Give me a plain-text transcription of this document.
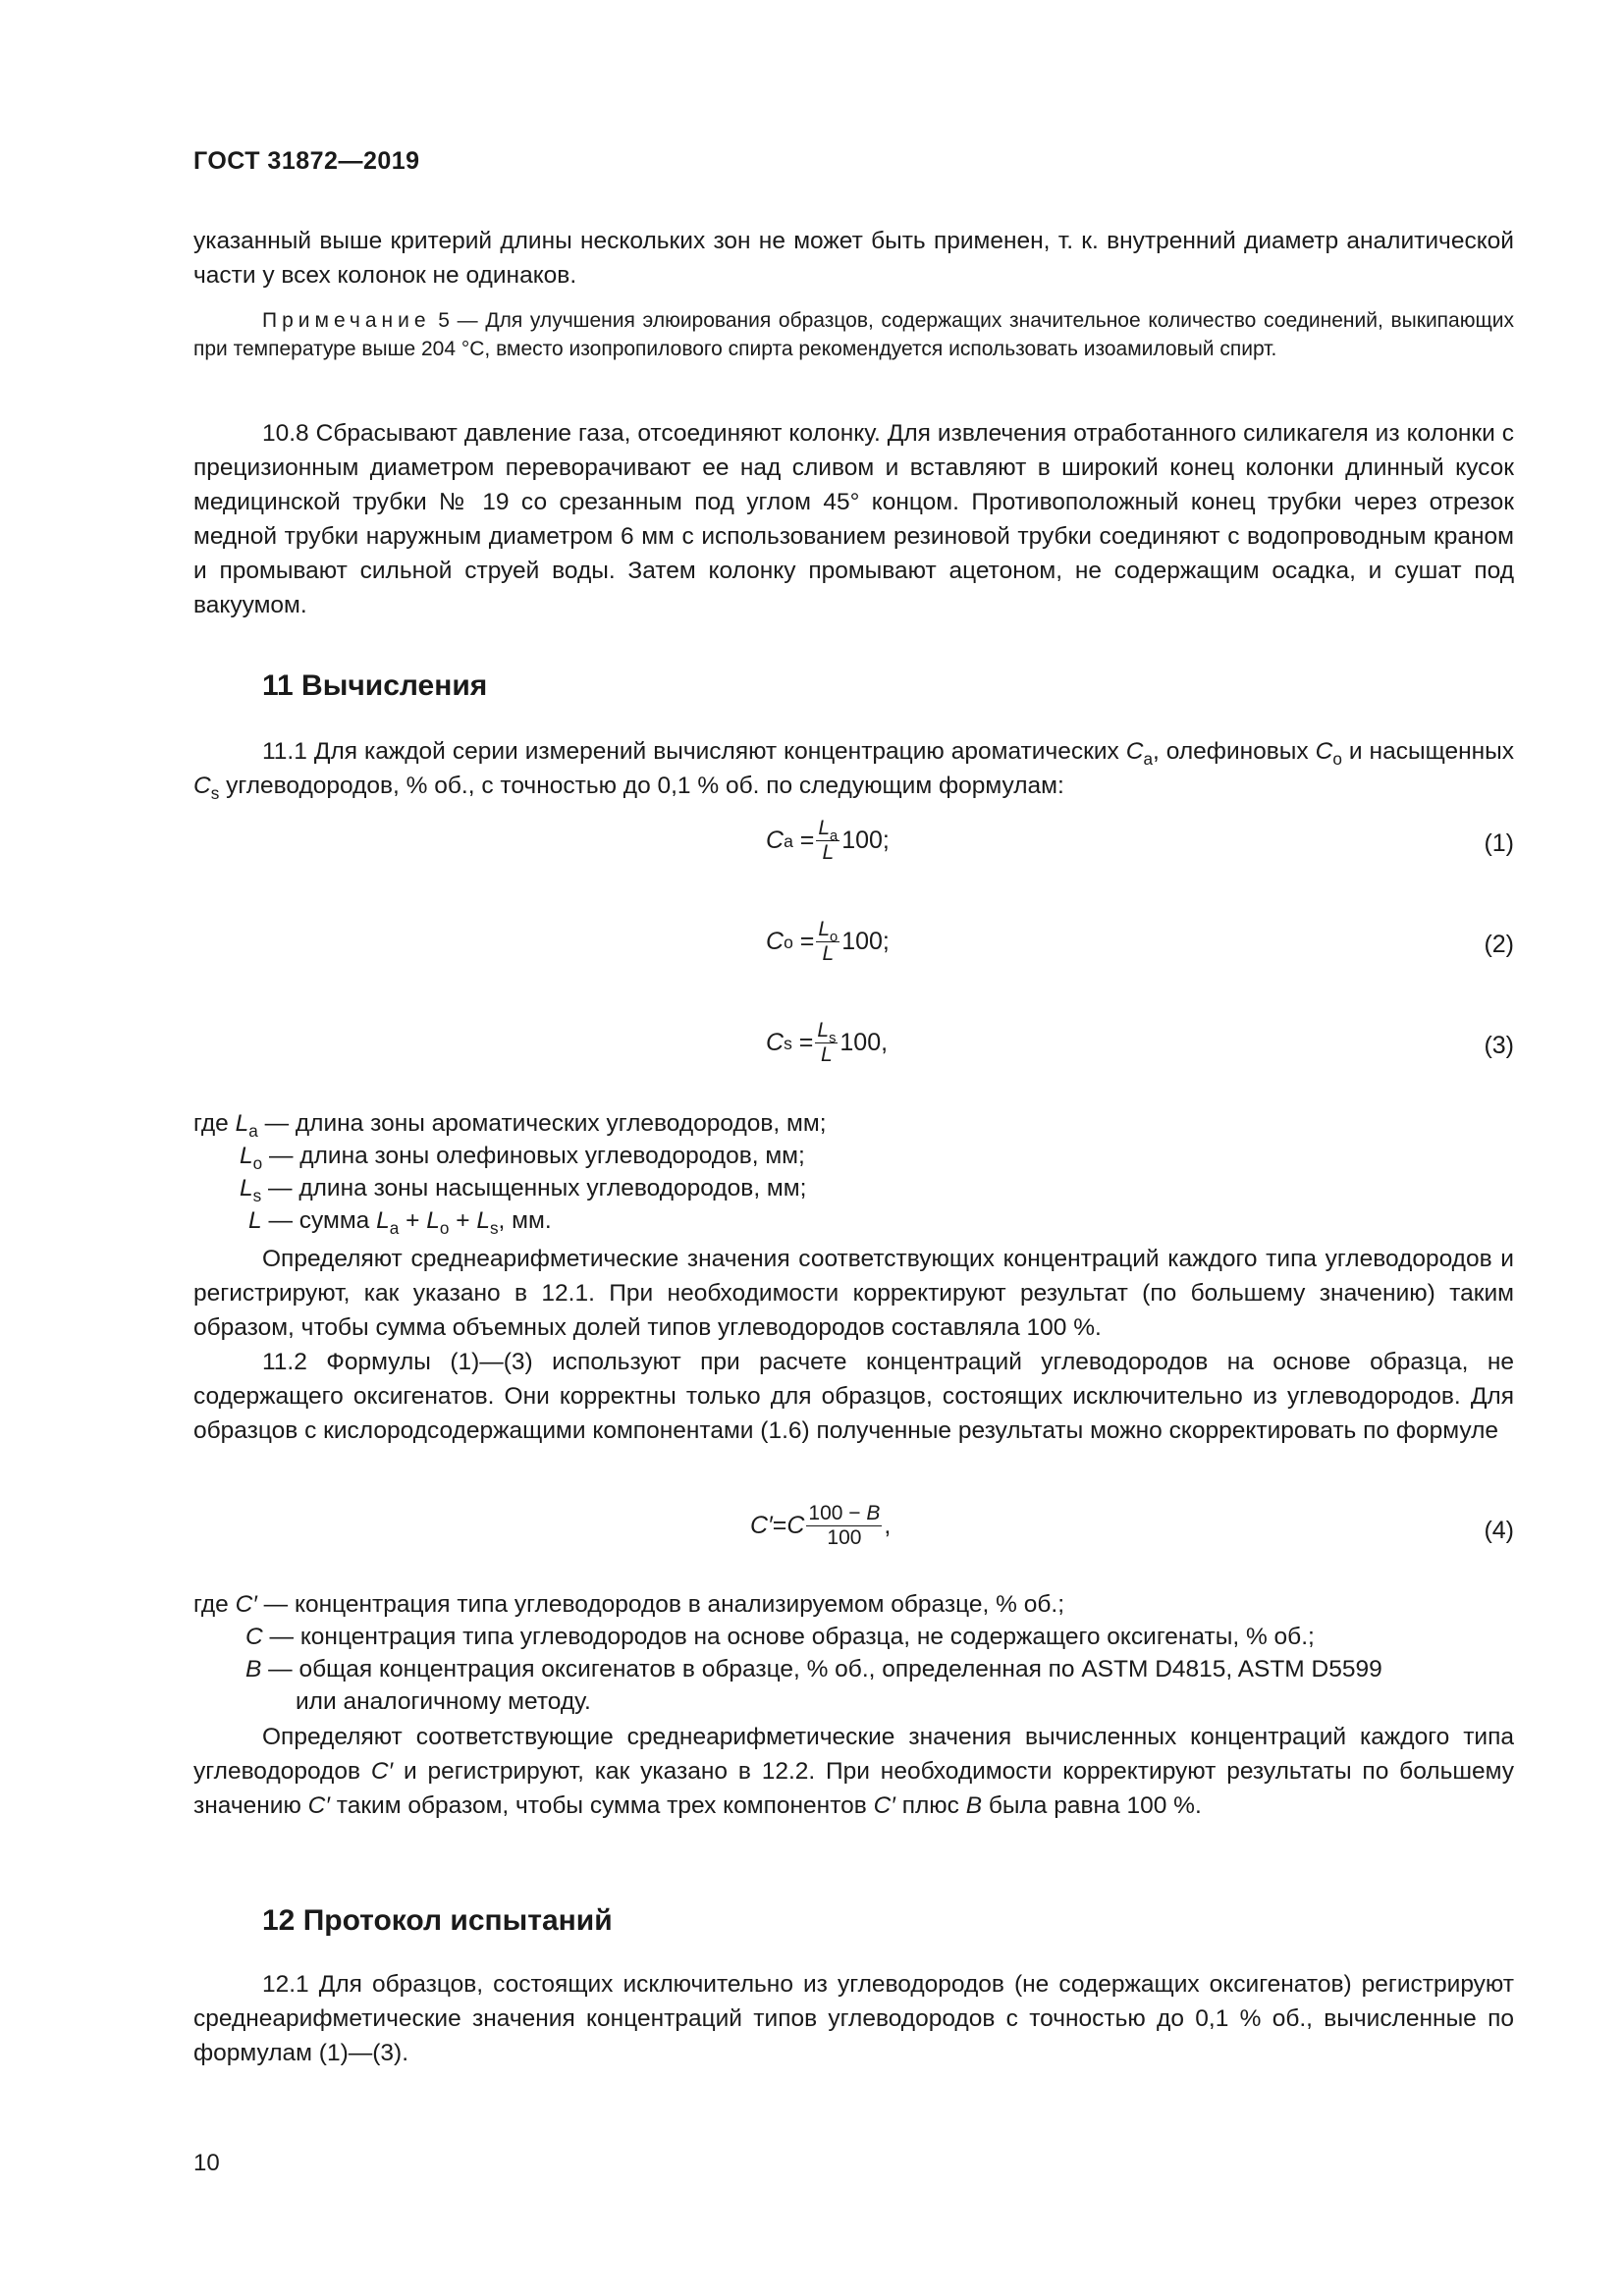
ГОСТ 31872—2019

указанный выше критерий длины нескольких зон не может быть применен, т. к. внутренний диаметр аналитической части у всех колонок не одинаков.

Примечание 5 — Для улучшения элюирования образцов, содержащих значительное количество соединений, выкипающих при температуре выше 204 °С, вместо изопропилового спирта рекомендуется использовать изоамиловый спирт.

10.8 Сбрасывают давление газа, отсоединяют колонку. Для извлечения отработанного силикагеля из колонки с прецизионным диаметром переворачивают ее над сливом и вставляют в широкий конец колонки длинный кусок медицинской трубки № 19 со срезанным под углом 45° концом. Противоположный конец трубки через отрезок медной трубки наружным диаметром 6 мм с использованием резиновой трубки соединяют с водопроводным краном и промывают сильной струей воды. Затем колонку промывают ацетоном, не содержащим осадка, и сушат под вакуумом.

11 Вычисления

11.1 Для каждой серии измерений вычисляют концентрацию ароматических $C_a$, олефиновых $C_o$ и насыщенных $C_s$ углеводородов, % об., с точностью до 0,1 % об. по следующим формулам:

C a
= $\frac{L_a}{L} 100$;	(1)
C o
= $\frac{L_o}{L} 100$;	(2)
C s
= $\frac{L_s}{L} 100$,	(3)
где $L_a$ — длина зоны ароматических углеводородов, мм;
$L_o$ — длина зоны олефиновых углеводородов, мм;
$L_s$ — длина зоны насыщенных углеводородов, мм;
L — сумма $L_a + L_o + L_s$, мм.

Определяют среднеарифметические значения соответствующих концентраций каждого типа углеводородов и регистрируют, как указано в 12.1. При необходимости корректируют результат (по большему значению) таким образом, чтобы сумма объемных долей типов углеводородов составляла 100 %.

11.2 Формулы (1)—(3) используют при расчете концентраций углеводородов на основе образца, не содержащего оксигенатов. Они корректны только для образцов, состоящих исключительно из углеводородов. Для образцов с кислородсодержащими компонентами (1.6) полученные результаты можно скорректировать по формуле

C′ = C $\frac{100 - B}{100}$ ,	(4)
где C′ — концентрация типа углеводородов в анализируемом образце, % об.;
C — концентрация типа углеводородов на основе образца, не содержащего оксигенаты, % об.;
B — общая концентрация оксигенатов в образце, % об., определенная по ASTM D4815, ASTM D5599
или аналогичному методу.

Определяют соответствующие среднеарифметические значения вычисленных концентраций каждого типа углеводородов C′ и регистрируют, как указано в 12.2. При необходимости корректируют результаты по большему значению C′ таким образом, чтобы сумма трех компонентов C′ плюс B была равна 100 %.

12 Протокол испытаний

12.1 Для образцов, состоящих исключительно из углеводородов (не содержащих оксигенатов) регистрируют среднеарифметические значения концентраций типов углеводородов с точностью до 0,1 % об., вычисленные по формулам (1)—(3).

10
